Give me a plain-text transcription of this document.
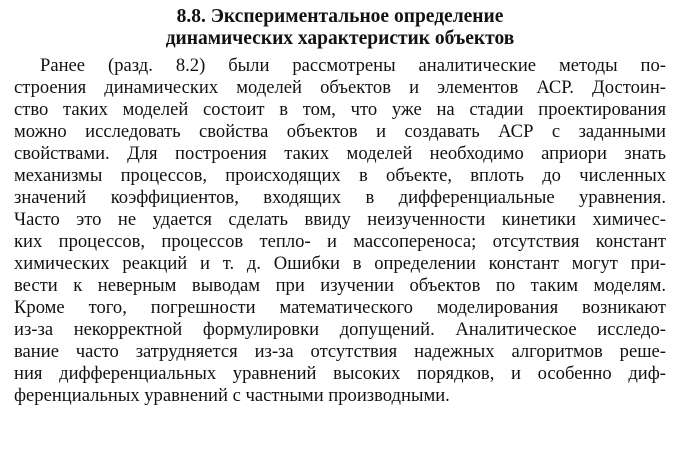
8.8. Экспериментальное определение
динамических характеристик объектов
Ранее (разд. 8.2) были рассмотрены аналитические методы по-
строения динамических моделей объектов и элементов АСР. Достоин-
ство таких моделей состоит в том, что уже на стадии проектирования
можно исследовать свойства объектов и создавать АСР с заданными
свойствами. Для построения таких моделей необходимо априори знать
механизмы процессов, происходящих в объекте, вплоть до численных
значений коэффициентов, входящих в дифференциальные уравнения.
Часто это не удается сделать ввиду неизученности кинетики химичес-
ких процессов, процессов тепло- и массопереноса; отсутствия констант
химических реакций и т. д. Ошибки в определении констант могут при-
вести к неверным выводам при изучении объектов по таким моделям.
Кроме того, погрешности математического моделирования возникают
из-за некорректной формулировки допущений. Аналитическое исследо-
вание часто затрудняется из-за отсутствия надежных алгоритмов реше-
ния дифференциальных уравнений высоких порядков, и особенно диф-
ференциальных уравнений с частными производными.
